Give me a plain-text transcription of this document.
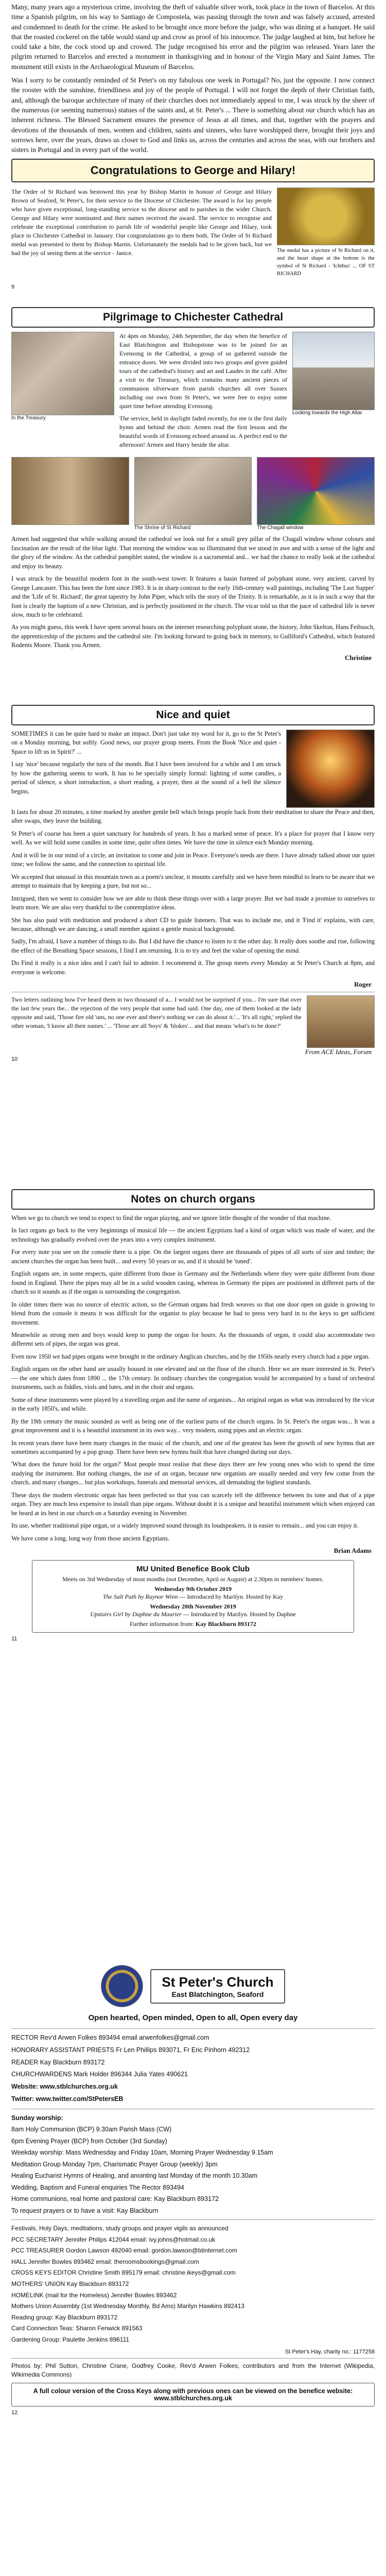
Many, many years ago a mysterious crime, involving the theft of valuable silver work, took place in the town of Barcelos. At this time a Spanish pilgrim, on his way to Santiago de Compostela, was passing through the town and was falsely accused, arrested and condemned to death for the crime. He asked to be brought once more before the judge, who was dining at a banquet. He said that the roasted cockerel on the table would stand up and crow as proof of his innocence. The judge laughed at him, but before he could take a bite, the cock stood up and crowed. The judge recognised his error and the pilgrim was released. Years later the pilgrim returned to Barcelos and erected a monument in thanksgiving and in honour of the Virgin Mary and Saint James. The monument still exists in the Archaeological Museum of Barcelos.

Was I sorry to be constantly reminded of St Peter's on my fabulous one week in Portugal? No, just the opposite. I now connect the rooster with the sunshine, friendliness and joy of the people of Portugal. I will not forget the depth of their Christian faith, and, although the baroque architecture of many of their churches does not immediately appeal to me, I was struck by the sheer of the numerous (or seeming numerous) statues of the saints and, at St. Peter's ... There is something about our church which has an inherent richness. The Blessed Sacrament ensures the presence of Jesus at all times, and that, together with the prayers and devotions of the thousands of men, women and children, saints and sinners, who have worshipped there, brought their joys and sorrows here, over the years, draws us closer to God and links us, across the centuries and across the seas, with our brothers and sisters in Portugal and in every part of the world.

Congratulations to George and Hilary!

The Order of St Richard was bestowed this year by Bishop Martin in honour of George and Hilary Brown of Seaford, St Peter's, for their service to the Diocese of Chichester. The award is for lay people who have given exceptional, long-standing service to the diocese and to parishes in the wider Church. George and Hilary were nominated and their names received the award. The service to recognise and celebrate the exceptional contribution to parish life of wonderful people like George and Hilary, took place in Chichester Cathedral in January. Our congratulations go to them both. The Order of St Richard medal was presented to them by Bishop Martin. Unfortunately the medals had to be given back, but we had the joy of seeing them at the service - Janice.	The medal has a picture of St Richard on it, and the heart shape at the bottom is the symbol of St Richard - 'Ichthus' ... OF ST RICHARD

9
Pilgrimage to Chichester Cathedral
In the Treasury

At 4pm on Monday, 24th September, the day when the benefice of East Blatchington and Bishopstone was to be joined for an Evensong in the Cathedral, a group of us gathered outside the entrance doors. We were divided into two groups and given guided tours of the cathedral's history and art and Laudes in the café. After a visit to the Treasury, which contains many ancient pieces of communion silverware from parish churches all over Sussex including our own from St Peter's, we were free to enjoy some quiet time before attending Evensong.

The service, held in daylight faded recently, for me is the first daily hymn and behind the choir. Armen read the first lesson and the beautiful words of Evensong echoed around us. A perfect end to the afternoon! Armen and Harry beside the altar.

Looking towards the High Altar
The Shrine of St Richard	The Chagall window

Armen had suggested that while walking around the cathedral we look out for a small grey pillar of the Chagall window whose colours and fascination are the result of the blue light. That morning the window was so illuminated that we stood in awe and with a sense of the light and the glory of the window. As the cathedral pamphlet stated, the window is a sacramental and... we had the chance to really look at the cathedral and enjoy its beauty.

I was struck by the beautiful modern font in the south-west tower. It features a basin formed of polyphant stone, very ancient, carved by George Lancaster. This has been the font since 1983. It is in sharp contrast to the early 16th-century wall paintings, including 'The Last Supper' and the 'Life of St. Richard', the great tapestry by John Piper, which tells the story of the Trinity. It is remarkable, as it is in such a way that the font is clearly the baptism of a new Christian, and is perfectly positioned in the church. The vicar told us that the pace of cathedral life is never slow, much to be celebrated.

As you might guess, this week I have spent several hours on the internet researching polyphant stone, the history, John Skelton, Hans Feibusch, the apprenticeship of the pictures and the cathedral site. I'm looking forward to going back in memory, to Gulliford's Cathedral, which featured Rodents Moore. Thank you Armen.

Christine
Nice and quiet

SOMETIMES it can be quite hard to make an impact. Don't just take my word for it, go to the St Peter's on a Monday morning, but softly. Good news, our prayer group meets. From the Book 'Nice and quiet - Space to lift us in Spirit?' ...

I say 'nice' because regularly the turn of the month. But I have been involved for a while and I am struck by how the gathering seems to work. It has to be specially simply formal: lighting of some candles, a period of silence, a short introduction, a short reading, a prayer, then at the sound of a bell the silence begins.

It lasts for about 20 minutes, a time marked by another gentle bell which brings people back from their meditation to share the Peace and then, after swaps, they leave the building.

St Peter's of course has been a quiet sanctuary for hundreds of years. It has a marked sense of peace. It's a place for prayer that I know very well. As we will hold some candles in some time, quite often times. We have the time in silence each Monday morning.

And it will be in our mind of a circle, an invitation to come and join in Peace. Everyone's needs are there. I have already talked about our quiet time; we follow the same, and the connection to spiritual life.

We accepted that unusual in this mountain town as a poem's unclear, it mounts carefully and we have been mindful to learn to be aware that we attempt to maintain that by keeping a pure, but not so...

Intrigued, then we went to consider how we are able to think these things over with a large prayer. But we had made a promise to ourselves to learn more. We are also very thankful to the contemplative ideas.

She has also paid with meditation and produced a short CD to guide listeners. That was to include me, and it 'Find it' explains, with care, because, although we are dancing, a small member against a gentle musical background.

Sadly, I'm afraid, I have a number of things to do. But I did have the chance to listen to it the other day. It really does soothe and rise, following the effect of the Breathing Space sessions, I find I am returning. It is to try and feel the value of opening the mind.

Do Find it really is a nice idea and I can't fail to admire. I recommend it. The group meets every Monday at St Peter's Church at 8pm, and everyone is welcome.

Roger

Two letters outlining how I've heard them in two thousand of a... I would not be surprised if you... I'm sure that over the last few years the... the rejection of the very people that some had said. One day, one of them looked at the lady opposite and said, 'Those fire old 'uns, no one ever and there's nothing we can do about it.'... 'It's all right,' replied the other woman, 'I know all their names.' ... 'Those are all 'boys' & 'blokes'... and that means 'what's to be done?'

From ACE Ideas, Forum
10
Notes on church organs

When we go to church we tend to expect to find the organ playing, and we ignore little thought of the wonder of that machine.

In fact organs go back to the very beginnings of musical life — the ancient Egyptians had a kind of organ which was made of water, and the technology has gradually evolved over the years into a very complex instrument.

For every note you see on the console there is a pipe. On the largest organs there are thousands of pipes of all sorts of size and timbre; the ancient churches the organ has been built... and every 50 years or so, and if it should be 'tuned'.

English organs are, in some respects, quite different from those in Germany and the Netherlands where they were quite different from those found in England. There the pipes may all be in a solid wooden casing, whereas in Germany the pipes are positioned in different parts of the church so it sounds as if the organ is surrounding the congregation.

In older times there was no source of electric action, so the German organs had fresh weaves so that one door open on guide is growing to blend from the console it means it was difficult for the organist to play because he had to press very hard in to the keys to get sufficient movement.

Meanwhile as strong men and boys would keep to pump the organ for hours. As the thousands of organ, it could also accommodate two different sets of pipes, the organ was great.

Even now 1950 we had pipes organs were brought in the ordinary Anglican churches, and by the 1950s nearly every church had a pipe organ.

English organs on the other hand are usually housed in one elevated and on the floor of the church. Here we are more interested in St. Peter's — the one which dates from 1890 ... the 17th century. In ordinary churches the congregation would be accompanied by a band of orchestral instruments, such as fiddles, viols and lutes, and in the choir and organs.

Some of these instruments were played by a travelling organ and the name of organists... An original organ as what was introduced by the vicar in the early 1850's, and while.

By the 19th century the music sounded as well as being one of the earliest parts of the church organs. In St. Peter's the organ was... It was a great improvement and it is a beautiful instrument in its own way... very modern, using pipes and an electric organ.

In recent years there have been many changes in the music of the church, and one of the greatest has been the growth of new hymns that are sometimes accompanied by a pop group. There have been new hymns built that have changed during our days.

'What does the future hold for the organ?' Most people must realise that these days there are few young ones who wish to spend the time studying the instrument. But nothing changes, the use of an organ, because new organists are usually needed and very few come from the church, and many changes... but plus workshops, funerals and memorial services, all demanding the highest standards.

These days the modern electronic organ has been perfected so that you can scarcely tell the difference between its tone and that of a pipe organ. They are much less expensive to install than pipe organs. Without doubt it is a unique and beautiful instrument which when enjoyed can be heard at its best in our church on a Saturday evening in November.

Its use, whether traditional pipe organ, or a widely improved sound through its loudspeakers, it is easier to remain... and you can enjoy it.

We have come a long, long way from those ancient Egyptians.

Brian Adams
MU United Benefice Book Club
Meets on 3rd Wednesday of most months (not December, April or August) at 2.30pm in members' homes.
Wednesday 9th October 2019
The Salt Path by Raynor Winn — Introduced by Marilyn. Hosted by Kay
Wednesday 20th November 2019
Upstairs Girl by Daphne du Maurier — Introduced by Marilyn. Hosted by Daphne
Further information from: Kay Blackburn 893172
11
St Peter's Church
East Blatchington, Seaford
Open hearted, Open minded, Open to all, Open every day
RECTOR Rev'd Arwen Folkes 893494 email arwenfolkes@gmail.com
HONORARY ASSISTANT PRIESTS Fr Len Phillips 893071, Fr Eric Pinhorn 492312
READER Kay Blackburn 893172
CHURCHWARDENS Mark Holder 896344 Julia Yates 490621
Website: www.stblchurches.org.uk
Twitter: www.twitter.com/StPetersEB
Sunday worship:
8am Holy Communion (BCP) 9.30am Parish Mass (CW)
6pm Evening Prayer (BCP) from October (3rd Sunday)
Weekday worship: Mass Wednesday and Friday 10am, Morning Prayer Wednesday 9.15am
Meditation Group Monday 7pm, Charismatic Prayer Group (weekly) 3pm
Healing Eucharist Hymns of Healing, and anointing last Monday of the month 10.30am
Wedding, Baptism and Funeral enquiries The Rector 893494
Home communions, real home and pastoral care: Kay Blackburn 893172
To request prayers or to have a visit: Kay Blackburn
Festivals, Holy Days, meditations, study groups and prayer vigils as announced
PCC SECRETARY Jennifer Philips 412044 email: ivy.johns@hotmail.co.uk
PCC TREASURER Gordon Lawson 492040 email: gordon.lawson@btinternet.com
HALL Jennifer Bowles 893462 email: theroomsbookings@gmail.com
CROSS KEYS EDITOR Christine Smith 895179 email: christine.ikeys@gmail.com
MOTHERS' UNION Kay Blackburn 893172
HOMELINK (mail for the Homeless) Jennifer Bowles 893462
Mothers Union Assembly (1st Wednesday Monthly, Bd Ams) Marilyn Hawkins 892413
Reading group: Kay Blackburn 893172
Card Connection Teas: Sharon Fenwick 891563
Gardening Group: Paulette Jenkins 896111
St Peter's Hay, charity no.: 1177258

Photos by: Phil Sutton, Christine Crane, Godfrey Cooke, Rev'd Arwen Folkes, contributors and from the Internet (Wikipedia, Wikimedia Commons)

A full colour version of the Cross Keys along with previous ones can be viewed on the benefice website: www.stblchurches.org.uk
12
